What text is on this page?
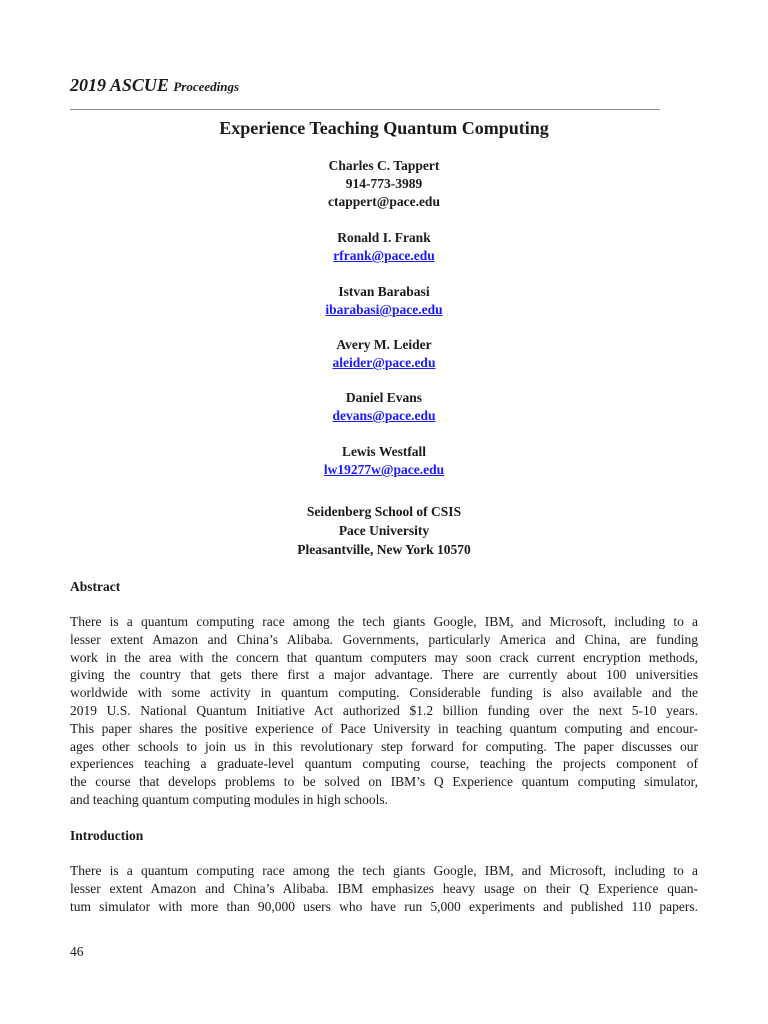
2019 ASCUE Proceedings
Experience Teaching Quantum Computing
Charles C. Tappert
914-773-3989
ctappert@pace.edu
Ronald I. Frank
rfrank@pace.edu
Istvan Barabasi
ibarabasi@pace.edu
Avery M. Leider
aleider@pace.edu
Daniel Evans
devans@pace.edu
Lewis Westfall
lw19277w@pace.edu
Seidenberg School of CSIS
Pace University
Pleasantville, New York 10570
Abstract
There is a quantum computing race among the tech giants Google, IBM, and Microsoft, including to a
lesser extent Amazon and China’s Alibaba. Governments, particularly America and China, are funding
work in the area with the concern that quantum computers may soon crack current encryption methods,
giving the country that gets there first a major advantage. There are currently about 100 universities
worldwide with some activity in quantum computing. Considerable funding is also available and the
2019 U.S. National Quantum Initiative Act authorized $1.2 billion funding over the next 5-10 years.
This paper shares the positive experience of Pace University in teaching quantum computing and encour-
ages other schools to join us in this revolutionary step forward for computing. The paper discusses our
experiences teaching a graduate-level quantum computing course, teaching the projects component of
the course that develops problems to be solved on IBM’s Q Experience quantum computing simulator,
and teaching quantum computing modules in high schools.
Introduction
There is a quantum computing race among the tech giants Google, IBM, and Microsoft, including to a
lesser extent Amazon and China’s Alibaba. IBM emphasizes heavy usage on their Q Experience quan-
tum simulator with more than 90,000 users who have run 5,000 experiments and published 110 papers.
46
